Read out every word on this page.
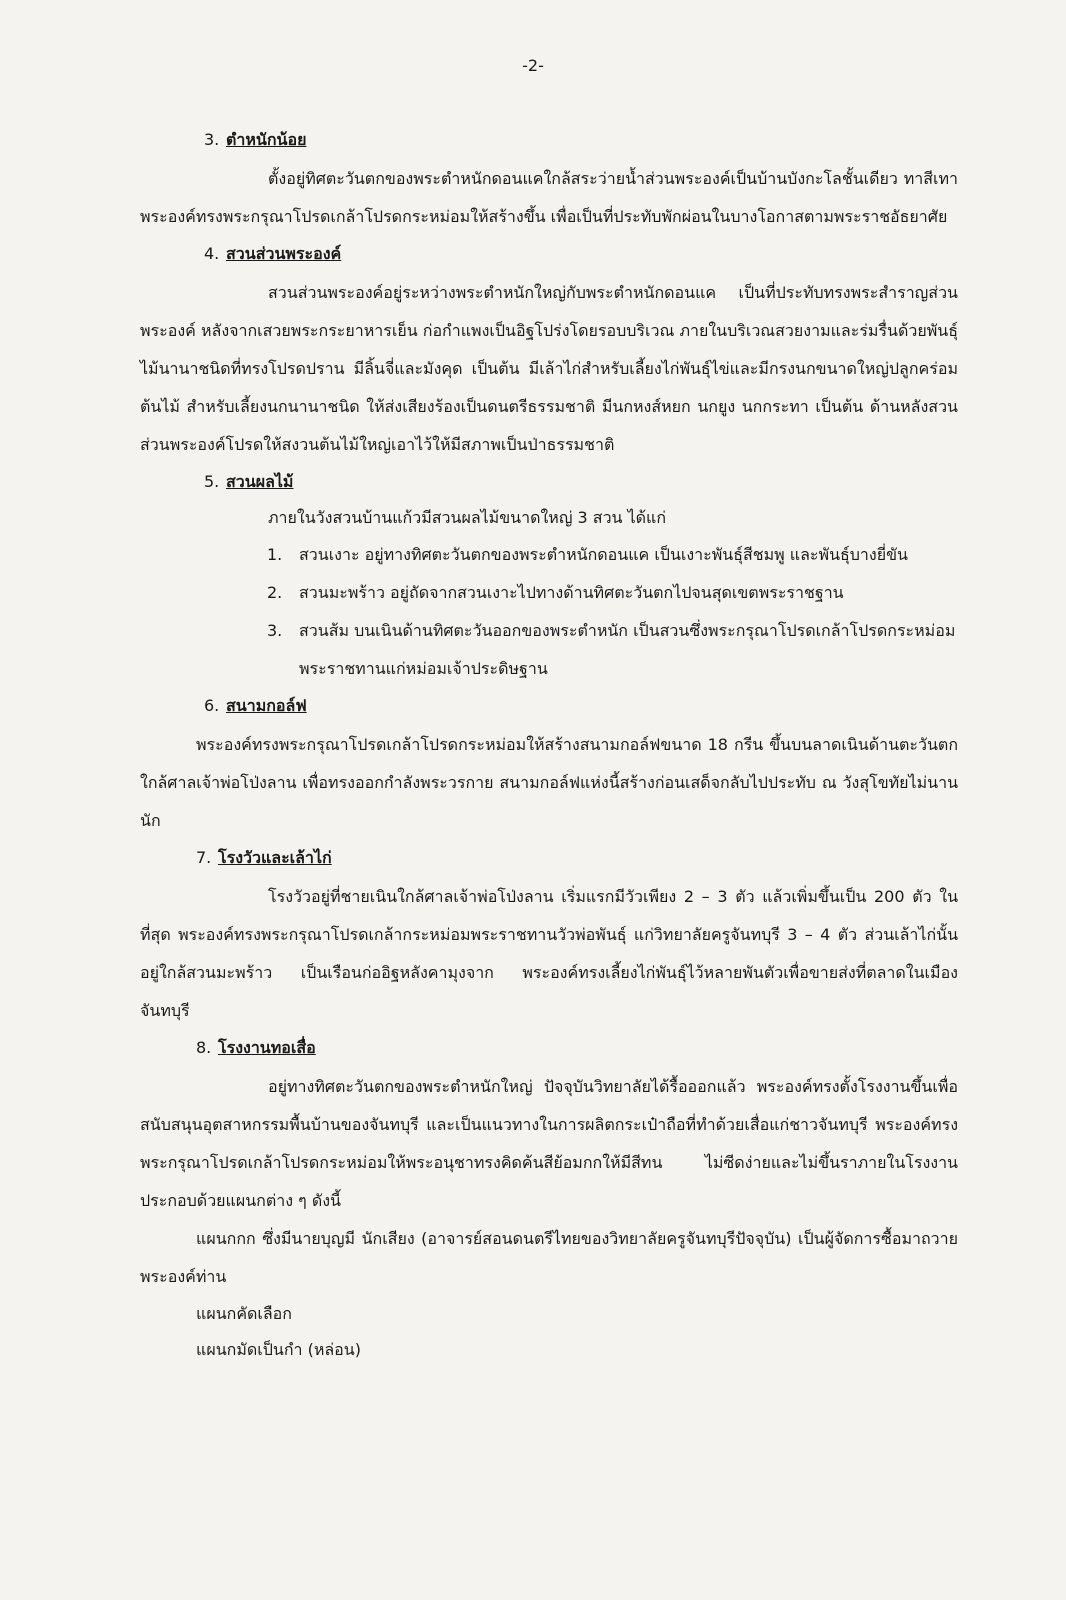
-2-
3. ตำหนักน้อย

ตั้งอยู่ทิศตะวันตกของพระตำหนักดอนแคใกล้สระว่ายน้ำส่วนพระองค์เป็นบ้านบังกะโลชั้นเดียว ทาสีเทาพระองค์ทรงพระกรุณาโปรดเกล้าโปรดกระหม่อมให้สร้างขึ้น เพื่อเป็นที่ประทับพักผ่อนในบางโอกาสตามพระราชอัธยาศัย

4. สวนส่วนพระองค์

สวนส่วนพระองค์อยู่ระหว่างพระตำหนักใหญ่กับพระตำหนักดอนแค เป็นที่ประทับทรงพระสำราญส่วนพระองค์ หลังจากเสวยพระกระยาหารเย็น ก่อกำแพงเป็นอิฐโปร่งโดยรอบบริเวณ ภายในบริเวณสวยงามและร่มรื่นด้วยพันธุ์ไม้นานาชนิดที่ทรงโปรดปราน มีลิ้นจี่และมังคุด เป็นต้น มีเล้าไก่สำหรับเลี้ยงไก่พันธุ์ไข่และมีกรงนกขนาดใหญ่ปลูกคร่อมต้นไม้ สำหรับเลี้ยงนกนานาชนิด ให้ส่งเสียงร้องเป็นดนตรีธรรมชาติ มีนกหงส์หยก นกยูง นกกระทา เป็นต้น ด้านหลังสวนส่วนพระองค์โปรดให้สงวนต้นไม้ใหญ่เอาไว้ให้มีสภาพเป็นป่าธรรมชาติ

5. สวนผลไม้
ภายในวังสวนบ้านแก้วมีสวนผลไม้ขนาดใหญ่ 3 สวน ได้แก่
1.	สวนเงาะ อยู่ทางทิศตะวันตกของพระตำหนักดอนแค เป็นเงาะพันธุ์สีชมพู และพันธุ์บางยี่ขัน
2.	สวนมะพร้าว อยู่ถัดจากสวนเงาะไปทางด้านทิศตะวันตกไปจนสุดเขตพระราชฐาน
3.	สวนส้ม บนเนินด้านทิศตะวันออกของพระตำหนัก เป็นสวนซึ่งพระกรุณาโปรดเกล้าโปรดกระหม่อม พระราชทานแก่หม่อมเจ้าประดิษฐาน
6. สนามกอล์ฟ

พระองค์ทรงพระกรุณาโปรดเกล้าโปรดกระหม่อมให้สร้างสนามกอล์ฟขนาด 18 กรีน ขึ้นบนลาดเนินด้านตะวันตกใกล้ศาลเจ้าพ่อโป่งลาน เพื่อทรงออกกำลังพระวรกาย สนามกอล์ฟแห่งนี้สร้างก่อนเสด็จกลับไปประทับ ณ วังสุโขทัยไม่นานนัก

7. โรงวัวและเล้าไก่

โรงวัวอยู่ที่ชายเนินใกล้ศาลเจ้าพ่อโป่งลาน เริ่มแรกมีวัวเพียง 2 – 3 ตัว แล้วเพิ่มขึ้นเป็น 200 ตัว ในที่สุด พระองค์ทรงพระกรุณาโปรดเกล้ากระหม่อมพระราชทานวัวพ่อพันธุ์ แก่วิทยาลัยครูจันทบุรี 3 – 4 ตัว ส่วนเล้าไก่นั้นอยู่ใกล้สวนมะพร้าว เป็นเรือนก่ออิฐหลังคามุงจาก พระองค์ทรงเลี้ยงไก่พันธุ์ไว้หลายพันตัวเพื่อขายส่งที่ตลาดในเมืองจันทบุรี

8. โรงงานทอเสื่อ

อยู่ทางทิศตะวันตกของพระตำหนักใหญ่ ปัจจุบันวิทยาลัยได้รื้อออกแล้ว พระองค์ทรงตั้งโรงงานขึ้นเพื่อสนับสนุนอุตสาหกรรมพื้นบ้านของจันทบุรี และเป็นแนวทางในการผลิตกระเป๋าถือที่ทำด้วยเสื่อแก่ชาวจันทบุรี พระองค์ทรงพระกรุณาโปรดเกล้าโปรดกระหม่อมให้พระอนุชาทรงคิดค้นสีย้อมกกให้มีสีทน ไม่ซีดง่ายและไม่ขึ้นราภายในโรงงานประกอบด้วยแผนกต่าง ๆ ดังนี้

แผนกกก ซึ่งมีนายบุญมี นักเสียง (อาจารย์สอนดนตรีไทยของวิทยาลัยครูจันทบุรีปัจจุบัน) เป็นผู้จัดการซื้อมาถวายพระองค์ท่าน

แผนกคัดเลือก
แผนกมัดเป็นกำ (หล่อน)
